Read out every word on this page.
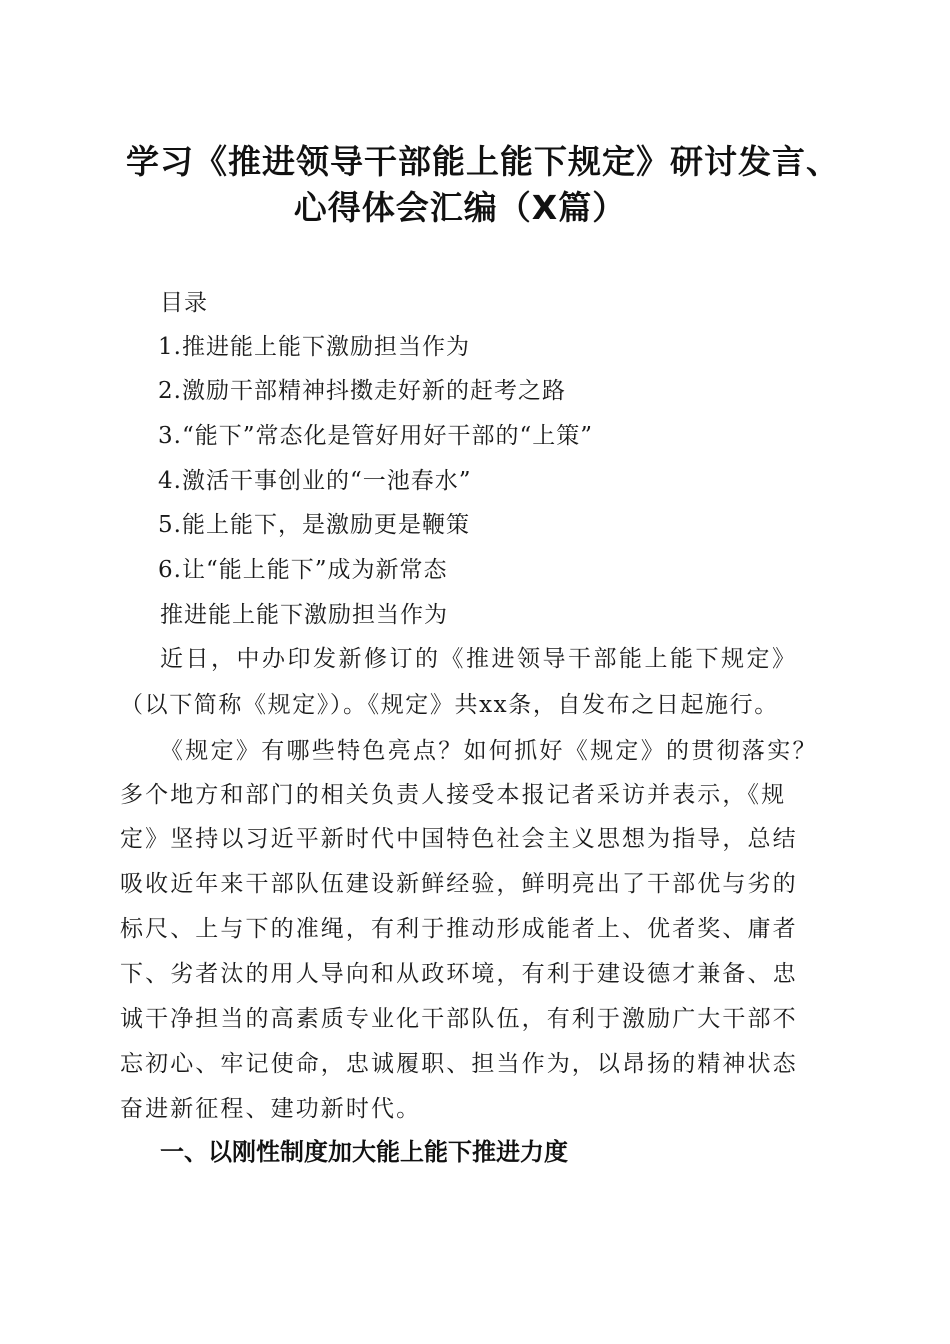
学习《推进领导干部能上能下规定》研讨发言、
心得体会汇编（X篇）
目录
1.推进能上能下激励担当作为
2.激励干部精神抖擞走好新的赶考之路
3.“能下”常态化是管好用好干部的“上策”
4.激活干事创业的“一池春水”
5.能上能下，是激励更是鞭策
6.让“能上能下”成为新常态
推进能上能下激励担当作为
近日，中办印发新修订的《推进领导干部能上能下规定》
（以下简称《规定》）。《规定》共xx条，自发布之日起施行。
《规定》有哪些特色亮点？如何抓好《规定》的贯彻落实？
多个地方和部门的相关负责人接受本报记者采访并表示，《规
定》坚持以习近平新时代中国特色社会主义思想为指导，总结
吸收近年来干部队伍建设新鲜经验，鲜明亮出了干部优与劣的
标尺、上与下的准绳，有利于推动形成能者上、优者奖、庸者
下、劣者汰的用人导向和从政环境，有利于建设德才兼备、忠
诚干净担当的高素质专业化干部队伍，有利于激励广大干部不
忘初心、牢记使命，忠诚履职、担当作为，以昂扬的精神状态
奋进新征程、建功新时代。
一、以刚性制度加大能上能下推进力度
